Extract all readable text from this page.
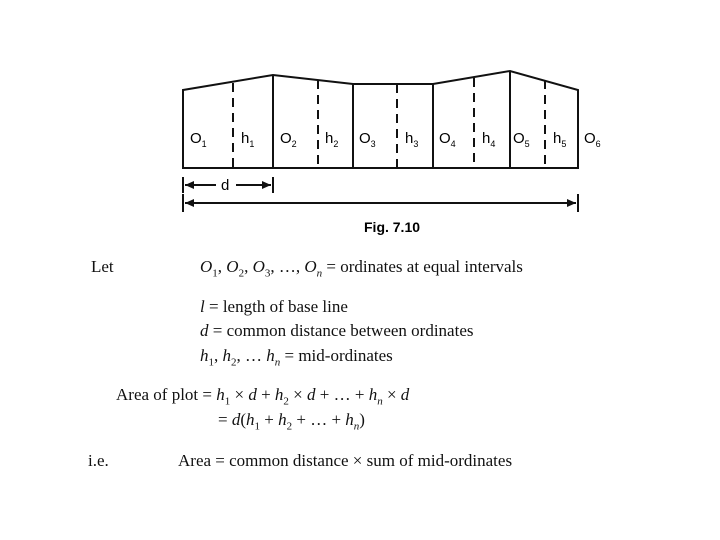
$O_1$ $h_1$ $O_2$ $h_2$ $O_3$ $h_3$ $O_4$ $h_4$ $O_5$ $h_5$ $O_6$
d
Fig. 7.10
Let	$O_1$, $O_2$, $O_3$, …, $O_n$ = ordinates at equal intervals
l = length of base line
d = common distance between ordinates
$h_1$, $h_2$, … $h_n$ = mid-ordinates
Area of plot = $h_1 \times d + h_2 \times d$ + … + $h_n \times d$
= $d(h_1 + h_2$ + … + $h_n$)
i.e.	Area = common distance × sum of mid-ordinates
